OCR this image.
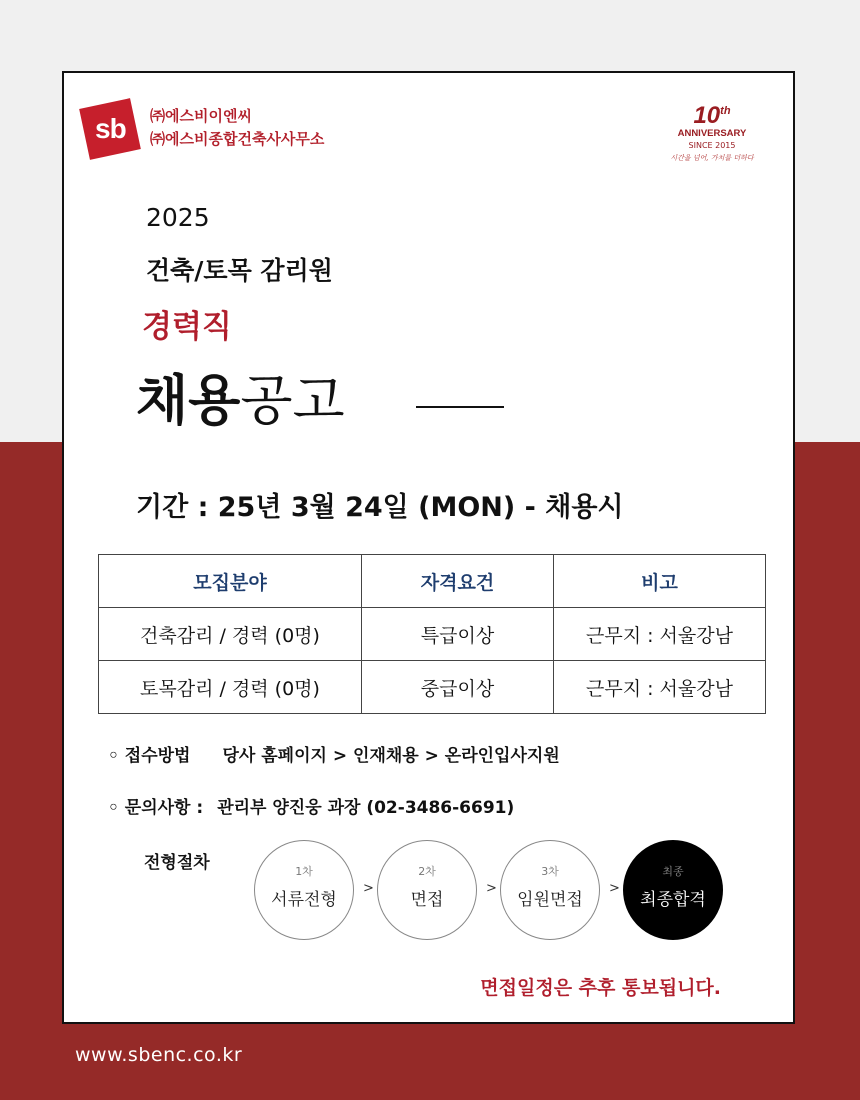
sb ㈜에스비이엔씨
㈜에스비종합건축사사무소
10th
ANNIVERSARY
SINCE 2015
시간을 넘어, 가치를 더하다
2025
건축/토목 감리원
경력직
채용공고
기간 : 25년 3월 24일 (MON) - 채용시
모집분야	자격요건	비고
건축감리 / 경력 (0명)	특급이상	근무지 : 서울강남
토목감리 / 경력 (0명)	중급이상	근무지 : 서울강남
◦ 접수방법 당사 홈페이지 > 인재채용 > 온라인입사지원
◦ 문의사항 : 관리부 양진웅 과장 (02-3486-6691)
전형절차	1차
서류전형
>
2차
면접
>
3차
임원면접
>
최종
최종합격
면접일정은 추후 통보됩니다.
www.sbenc.co.kr
